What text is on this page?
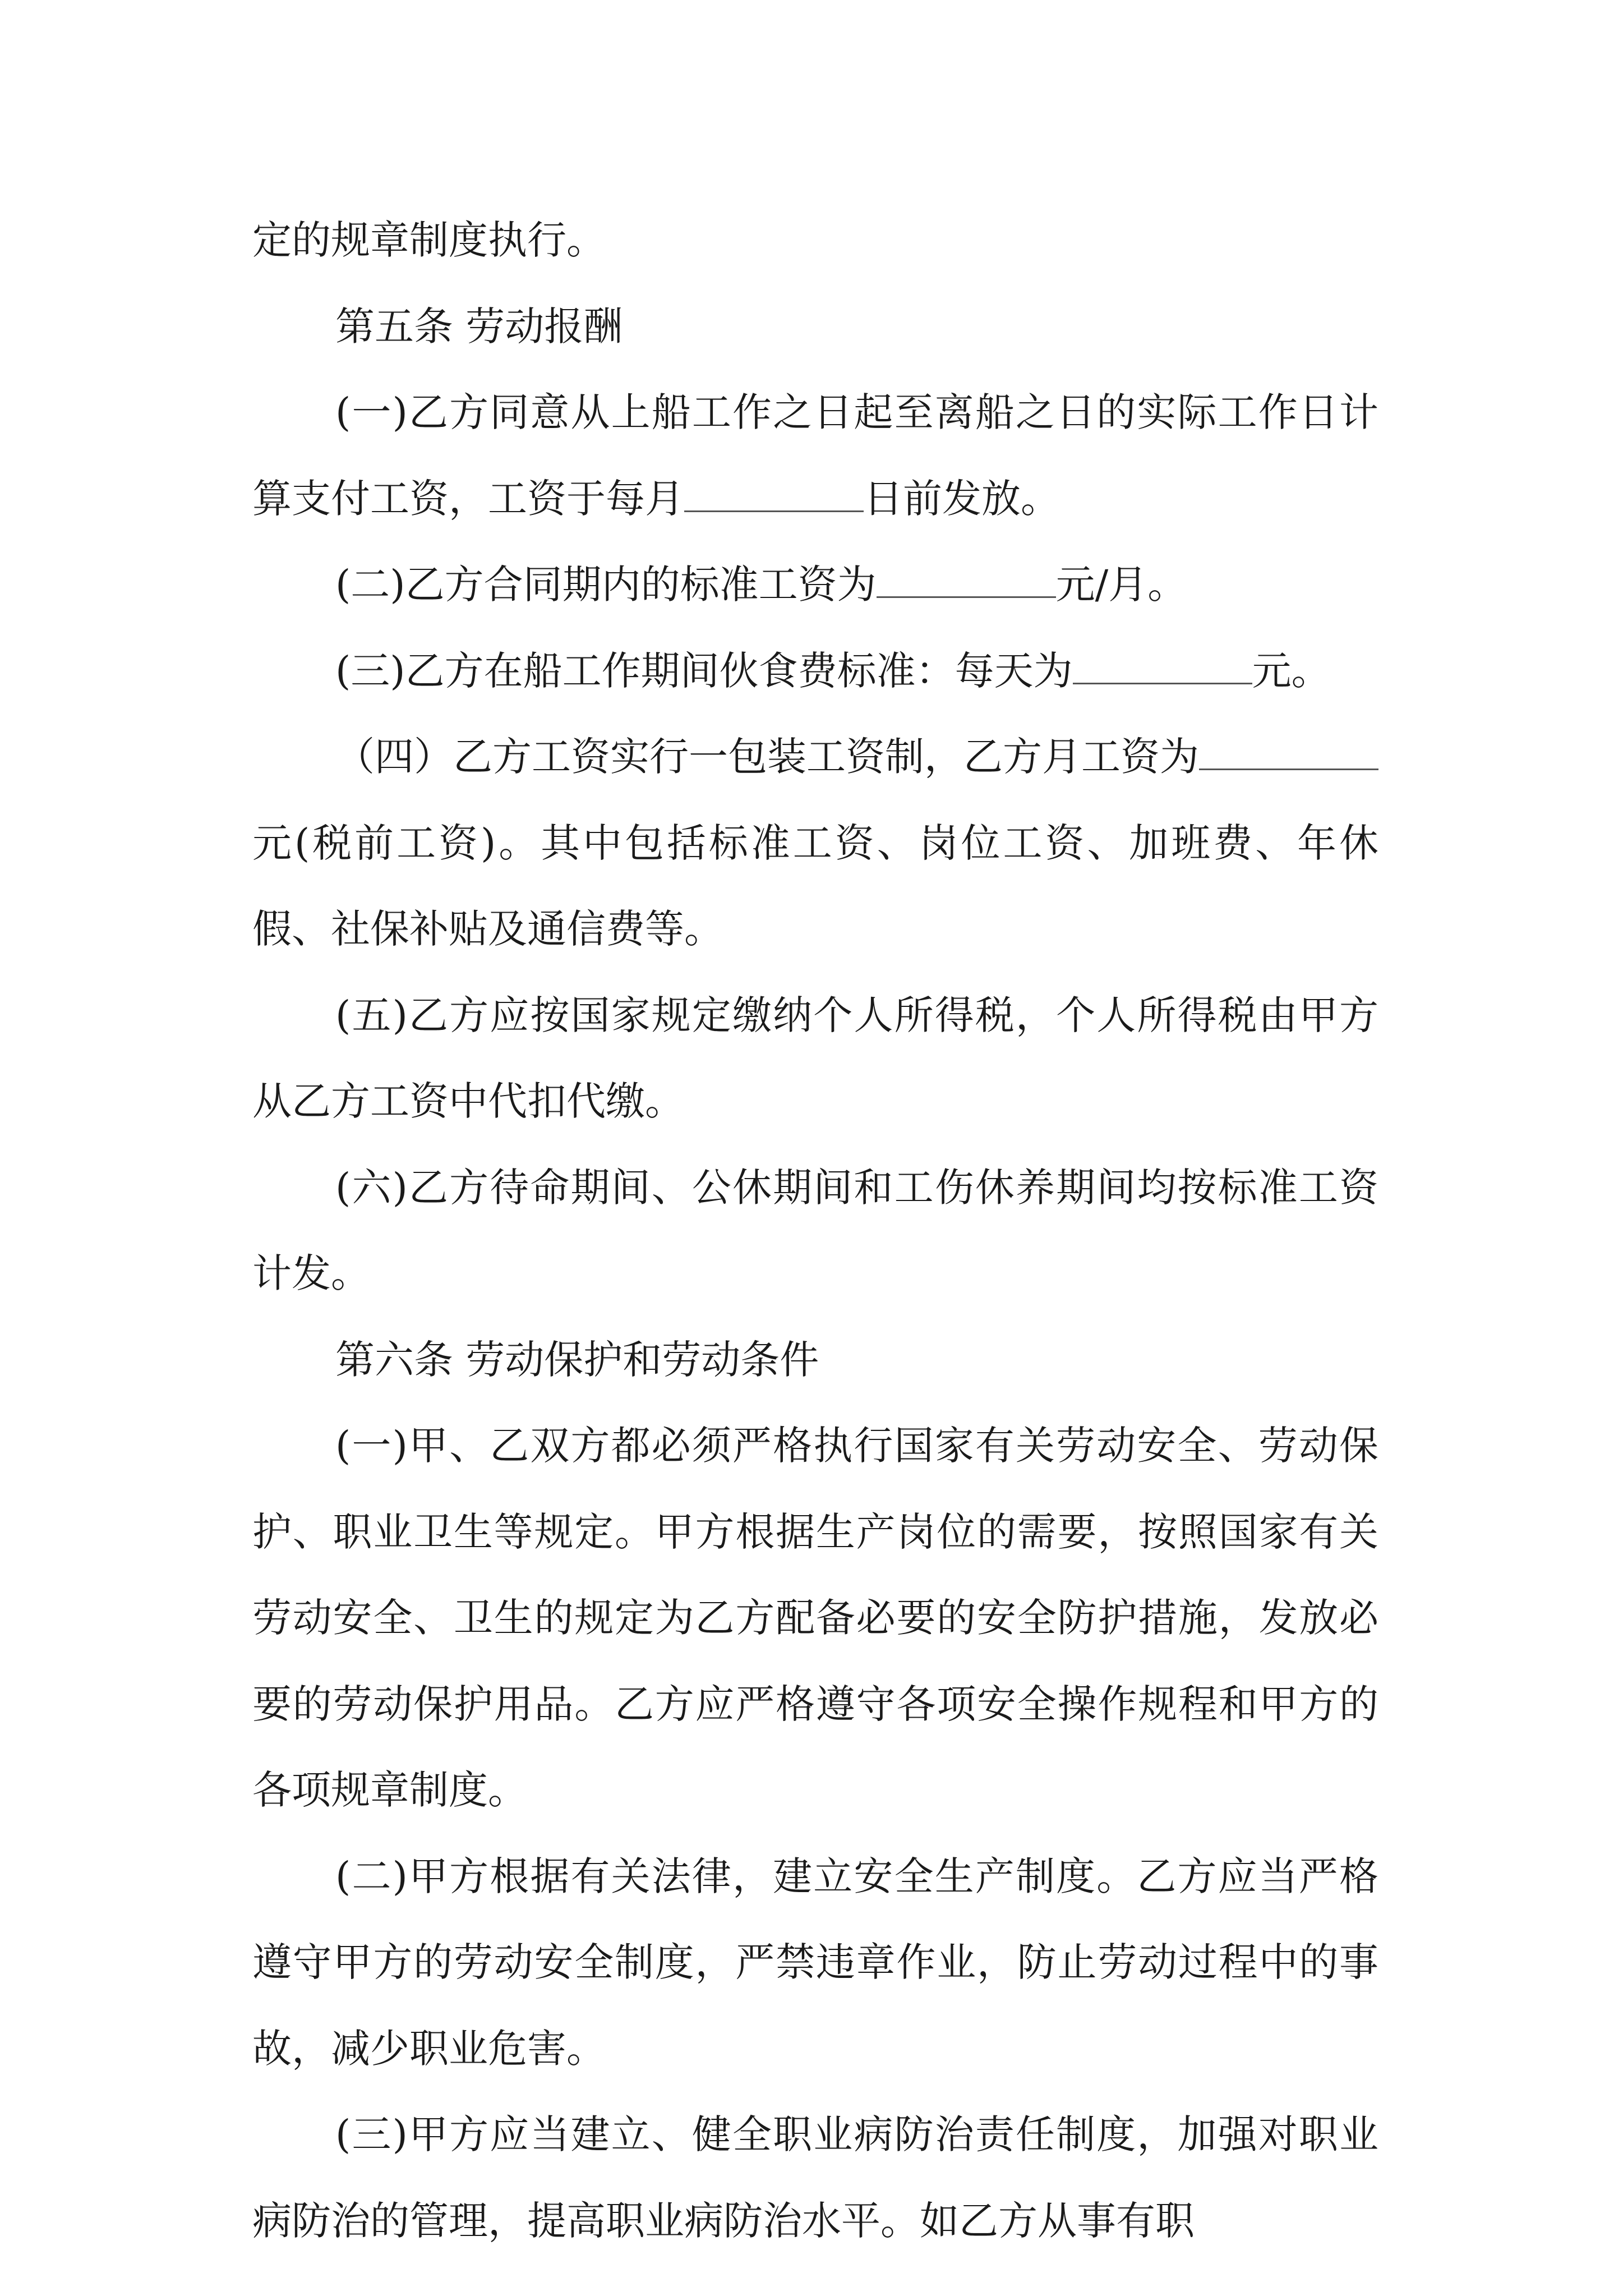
定的规章制度执行。

第五条 劳动报酬

(一)乙方同意从上船工作之日起至离船之日的实际工作日计算支付工资，工资于每月	日前发放。

(二)乙方合同期内的标准工资为	元/月。

(三)乙方在船工作期间伙食费标准：每天为	元。

（四）乙方工资实行一包装工资制，乙方月工资为元(税前工资)。其中包括标准工资、岗位工资、加班费、年休假、社保补贴及通信费等。

(五)乙方应按国家规定缴纳个人所得税，个人所得税由甲方从乙方工资中代扣代缴。

(六)乙方待命期间、公休期间和工伤休养期间均按标准工资计发。

第六条 劳动保护和劳动条件

(一)甲、乙双方都必须严格执行国家有关劳动安全、劳动保护、职业卫生等规定。甲方根据生产岗位的需要，按照国家有关劳动安全、卫生的规定为乙方配备必要的安全防护措施，发放必要的劳动保护用品。乙方应严格遵守各项安全操作规程和甲方的各项规章制度。

(二)甲方根据有关法律，建立安全生产制度。乙方应当严格遵守甲方的劳动安全制度，严禁违章作业，防止劳动过程中的事故，减少职业危害。

(三)甲方应当建立、健全职业病防治责任制度，加强对职业病防治的管理，提高职业病防治水平。如乙方从事有职
